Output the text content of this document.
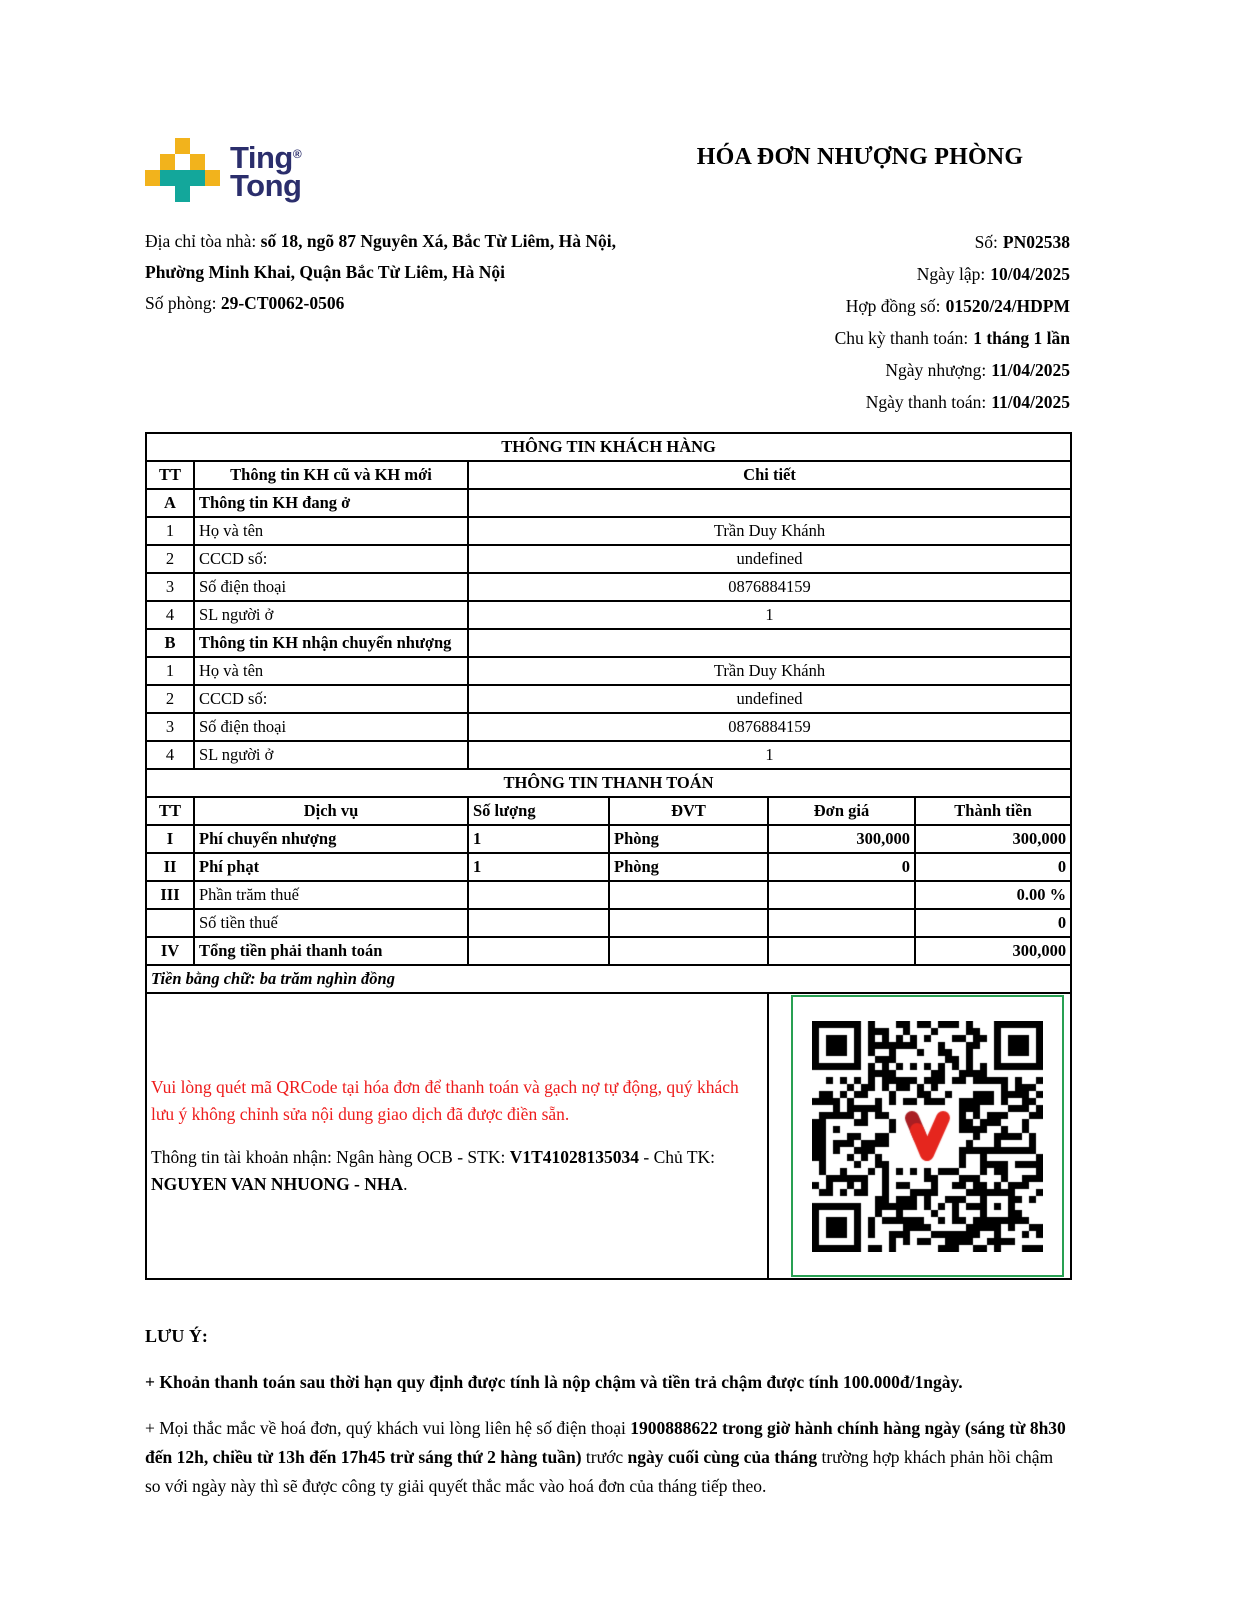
Ting®
Tong
HÓA ĐƠN NHƯỢNG PHÒNG
Địa chỉ tòa nhà: số 18, ngõ 87 Nguyên Xá, Bắc Từ Liêm, Hà Nội,
Phường Minh Khai, Quận Bắc Từ Liêm, Hà Nội
Số phòng: 29-CT0062-0506
Số: PN02538
Ngày lập: 10/04/2025
Hợp đồng số: 01520/24/HDPM
Chu kỳ thanh toán: 1 tháng 1 lần
Ngày nhượng: 11/04/2025
Ngày thanh toán: 11/04/2025
THÔNG TIN KHÁCH HÀNG					
TT	Thông tin KH cũ và KH mới	Chi tiết			
A	Thông tin KH đang ở				
1	Họ và tên	Trần Duy Khánh			
2	CCCD số:	undefined			
3	Số điện thoại	0876884159			
4	SL người ở	1			
B	Thông tin KH nhận chuyển nhượng				
1	Họ và tên	Trần Duy Khánh			
2	CCCD số:	undefined			
3	Số điện thoại	0876884159			
4	SL người ở	1			
THÔNG TIN THANH TOÁN					
TT	Dịch vụ	Số lượng	ĐVT	Đơn giá	Thành tiền
I	Phí chuyển nhượng	1	Phòng	300,000	300,000
II	Phí phạt	1	Phòng	0	0
III	Phần trăm thuế				0.00 %
	Số tiền thuế				0
IV	Tổng tiền phải thanh toán				300,000
Tiền bằng chữ: ba trăm nghìn đồng					

Vui lòng quét mã QRCode tại hóa đơn để thanh toán và gạch nợ tự động, quý khách lưu ý không chỉnh sửa nội dung giao dịch đã được điền sẵn.
Thông tin tài khoản nhận: Ngân hàng OCB - STK: V1T41028135034 - Chủ TK: NGUYEN VAN NHUONG - NHA.

LƯU Ý:
+ Khoản thanh toán sau thời hạn quy định được tính là nộp chậm và tiền trả chậm được tính 100.000đ/1ngày.
+ Mọi thắc mắc về hoá đơn, quý khách vui lòng liên hệ số điện thoại 1900888622 trong giờ hành chính hàng ngày (sáng từ 8h30 đến 12h, chiều từ 13h đến 17h45 trừ sáng thứ 2 hàng tuần) trước ngày cuối cùng của tháng trường hợp khách phản hồi chậm so với ngày này thì sẽ được công ty giải quyết thắc mắc vào hoá đơn của tháng tiếp theo.
